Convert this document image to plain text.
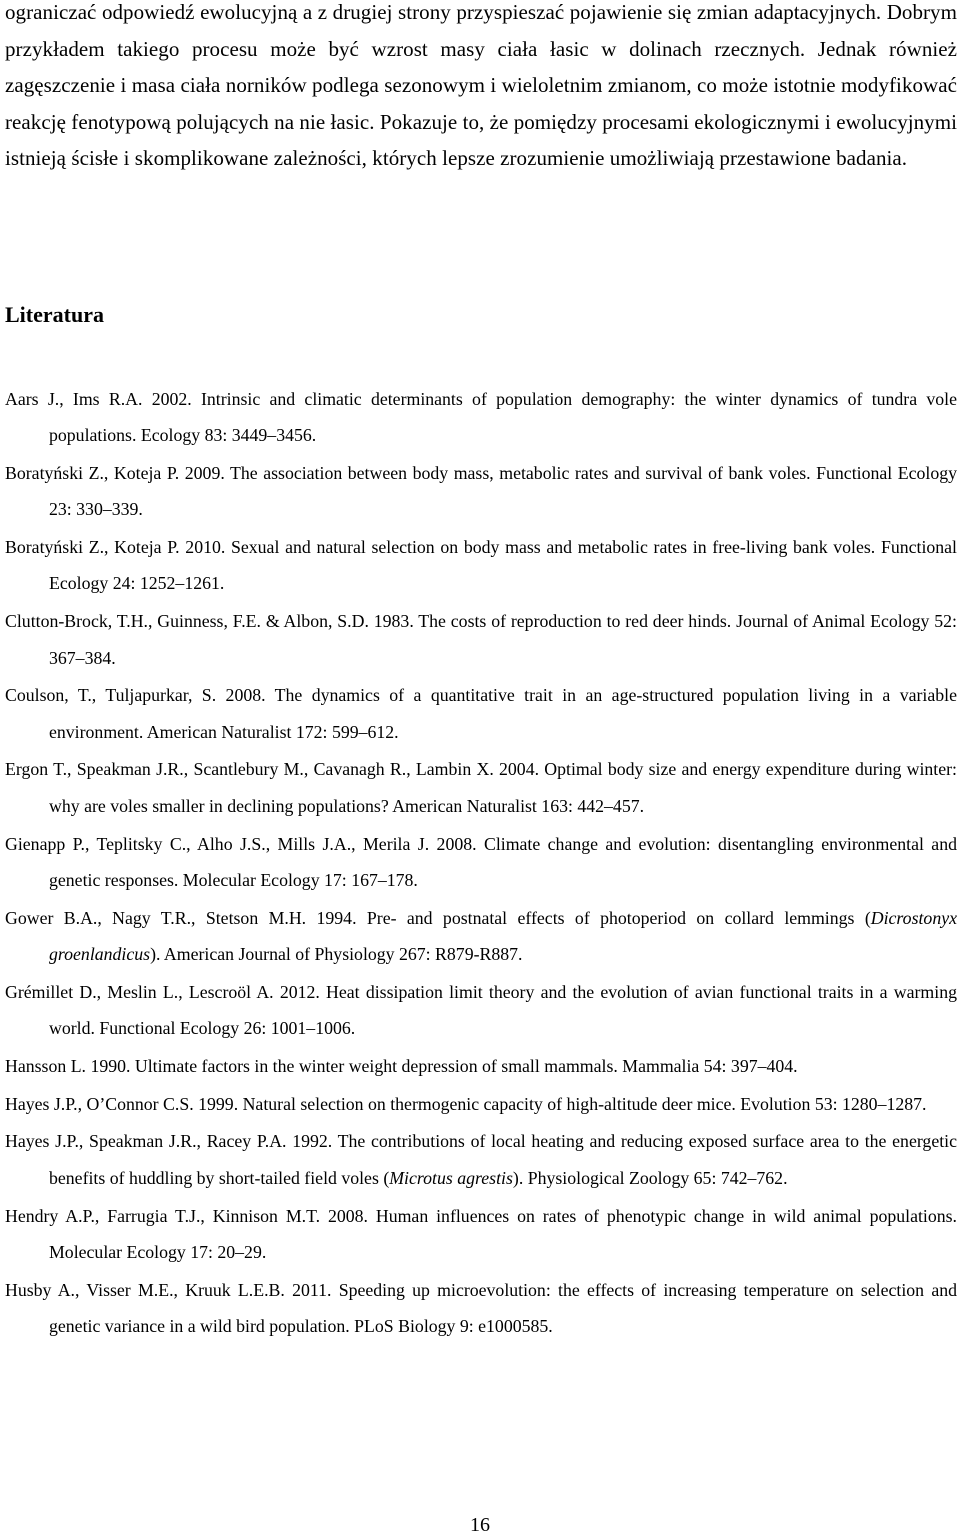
ograniczać odpowiedź ewolucyjną a z drugiej strony przyspieszać pojawienie się zmian adaptacyjnych. Dobrym przykładem takiego procesu może być wzrost masy ciała łasic w dolinach rzecznych. Jednak również zagęszczenie i masa ciała norników podlega sezonowym i wieloletnim zmianom, co może istotnie modyfikować reakcję fenotypową polujących na nie łasic. Pokazuje to, że pomiędzy procesami ekologicznymi i ewolucyjnymi istnieją ścisłe i skomplikowane zależności, których lepsze zrozumienie umożliwiają przestawione badania.

Literatura

Aars J., Ims R.A. 2002. Intrinsic and climatic determinants of population demography: the winter dynamics of tundra vole populations. Ecology 83: 3449–3456.

Boratyński Z., Koteja P. 2009. The association between body mass, metabolic rates and survival of bank voles. Functional Ecology 23: 330–339.

Boratyński Z., Koteja P. 2010. Sexual and natural selection on body mass and metabolic rates in free-living bank voles. Functional Ecology 24: 1252–1261.

Clutton-Brock, T.H., Guinness, F.E. & Albon, S.D. 1983. The costs of reproduction to red deer hinds. Journal of Animal Ecology 52: 367–384.

Coulson, T., Tuljapurkar, S. 2008. The dynamics of a quantitative trait in an age-structured population living in a variable environment. American Naturalist 172: 599–612.

Ergon T., Speakman J.R., Scantlebury M., Cavanagh R., Lambin X. 2004. Optimal body size and energy expenditure during winter: why are voles smaller in declining populations? American Naturalist 163: 442–457.

Gienapp P., Teplitsky C., Alho J.S., Mills J.A., Merila J. 2008. Climate change and evolution: disentangling environmental and genetic responses. Molecular Ecology 17: 167–178.

Gower B.A., Nagy T.R., Stetson M.H. 1994. Pre- and postnatal effects of photoperiod on collard lemmings (Dicrostonyx groenlandicus). American Journal of Physiology 267: R879-R887.

Grémillet D., Meslin L., Lescroöl A. 2012. Heat dissipation limit theory and the evolution of avian functional traits in a warming world. Functional Ecology 26: 1001–1006.

Hansson L. 1990. Ultimate factors in the winter weight depression of small mammals. Mammalia 54: 397–404.

Hayes J.P., O’Connor C.S. 1999. Natural selection on thermogenic capacity of high-altitude deer mice. Evolution 53: 1280–1287.

Hayes J.P., Speakman J.R., Racey P.A. 1992. The contributions of local heating and reducing exposed surface area to the energetic benefits of huddling by short-tailed field voles (Microtus agrestis). Physiological Zoology 65: 742–762.

Hendry A.P., Farrugia T.J., Kinnison M.T. 2008. Human influences on rates of phenotypic change in wild animal populations. Molecular Ecology 17: 20–29.

Husby A., Visser M.E., Kruuk L.E.B. 2011. Speeding up microevolution: the effects of increasing temperature on selection and genetic variance in a wild bird population. PLoS Biology 9: e1000585.

16
